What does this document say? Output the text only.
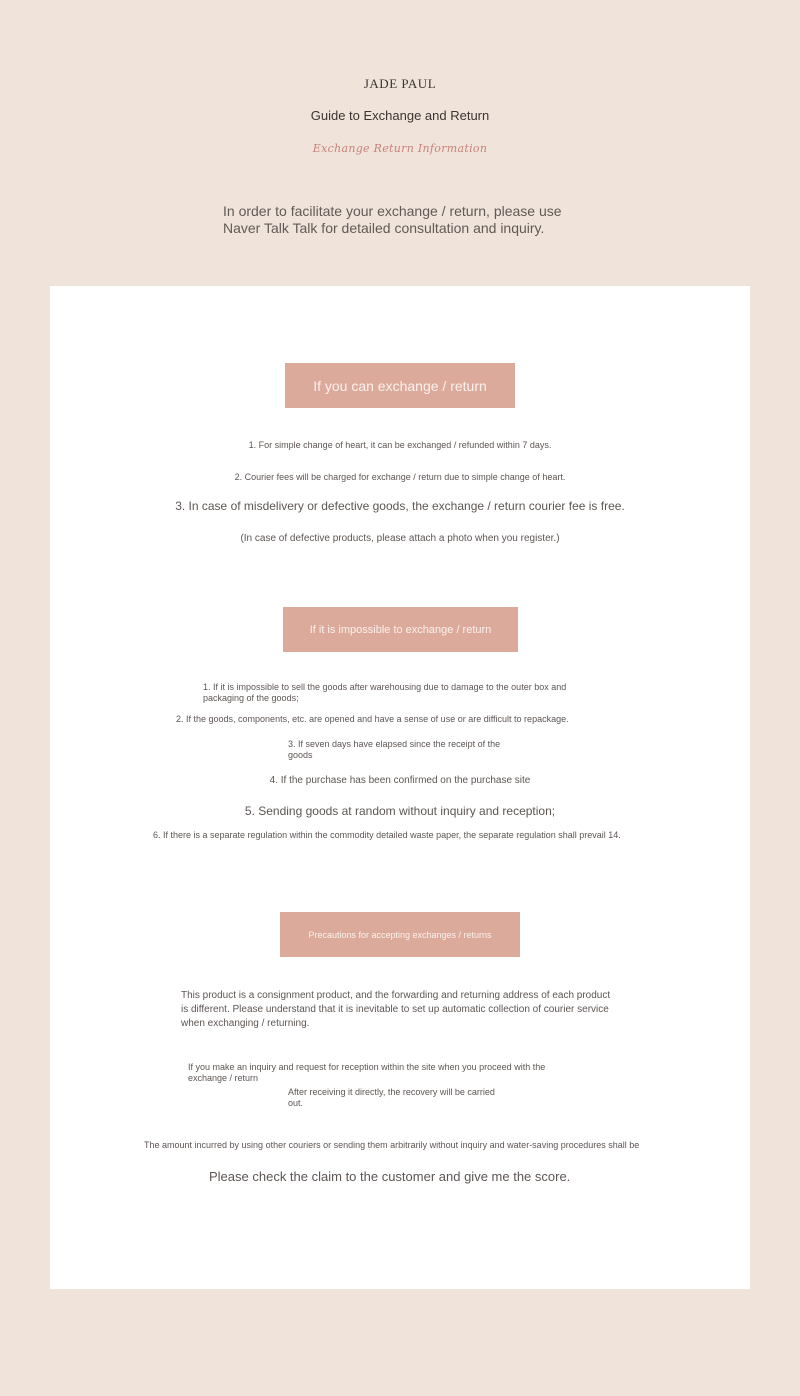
JADE PAUL
Guide to Exchange and Return
Exchange Return Information
In order to facilitate your exchange / return, please use
Naver Talk Talk for detailed consultation and inquiry.
If you can exchange / return
1. For simple change of heart, it can be exchanged / refunded within 7 days.
2. Courier fees will be charged for exchange / return due to simple change of heart.
3. In case of misdelivery or defective goods, the exchange / return courier fee is free.
(In case of defective products, please attach a photo when you register.)
If it is impossible to exchange / return
1. If it is impossible to sell the goods after warehousing due to damage to the outer box and packaging of the goods;
2. If the goods, components, etc. are opened and have a sense of use or are difficult to repackage.
3. If seven days have elapsed since the receipt of the goods
4. If the purchase has been confirmed on the purchase site
5. Sending goods at random without inquiry and reception;
6. If there is a separate regulation within the commodity detailed waste paper, the separate regulation shall prevail 14.
Precautions for accepting exchanges / returns
This product is a consignment product, and the forwarding and returning address of each product is different. Please understand that it is inevitable to set up automatic collection of courier service when exchanging / returning.
If you make an inquiry and request for reception within the site when you proceed with the exchange / return
After receiving it directly, the recovery will be carried out.
The amount incurred by using other couriers or sending them arbitrarily without inquiry and water-saving procedures shall be
Please check the claim to the customer and give me the score.
